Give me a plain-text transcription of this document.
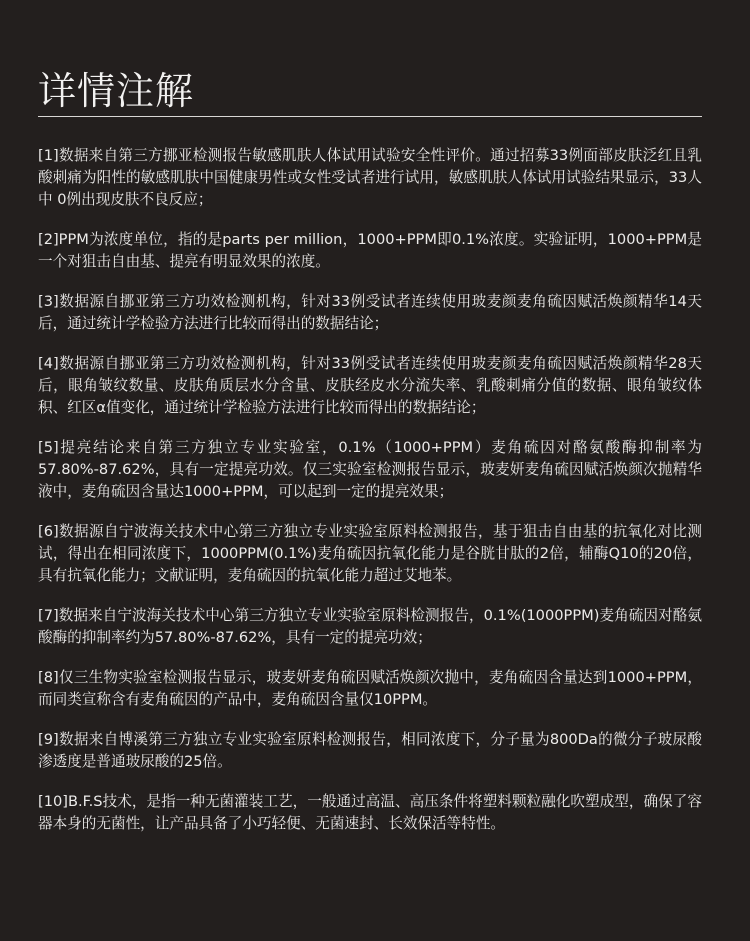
详情注解

[1]数据来自第三方挪亚检测报告敏感肌肤人体试用试验安全性评价。通过招募33例面部皮肤泛红且乳酸刺痛为阳性的敏感肌肤中国健康男性或女性受试者进行试用，敏感肌肤人体试用试验结果显示，33人中 0例出现皮肤不良反应；

[2]PPM为浓度单位，指的是parts per million，1000+PPM即0.1%浓度。实验证明，1000+PPM是一个对狙击自由基、提亮有明显效果的浓度。

[3]数据源自挪亚第三方功效检测机构，针对33例受试者连续使用玻麦颜麦角硫因赋活焕颜精华14天后，通过统计学检验方法进行比较而得出的数据结论；

[4]数据源自挪亚第三方功效检测机构，针对33例受试者连续使用玻麦颜麦角硫因赋活焕颜精华28天后，眼角皱纹数量、皮肤角质层水分含量、皮肤经皮水分流失率、乳酸刺痛分值的数据、眼角皱纹体积、红区α值变化，通过统计学检验方法进行比较而得出的数据结论；

[5]提亮结论来自第三方独立专业实验室，0.1%（1000+PPM）麦角硫因对酪氨酸酶抑制率为57.80%-87.62%，具有一定提亮功效。仅三实验室检测报告显示，玻麦妍麦角硫因赋活焕颜次抛精华液中，麦角硫因含量达1000+PPM，可以起到一定的提亮效果；

[6]数据源自宁波海关技术中心第三方独立专业实验室原料检测报告，基于狙击自由基的抗氧化对比测试，得出在相同浓度下，1000PPM(0.1%)麦角硫因抗氧化能力是谷胱甘肽的2倍，辅酶Q10的20倍，具有抗氧化能力；文献证明，麦角硫因的抗氧化能力超过艾地苯。

[7]数据来自宁波海关技术中心第三方独立专业实验室原料检测报告，0.1%(1000PPM)麦角硫因对酪氨酸酶的抑制率约为57.80%-87.62%，具有一定的提亮功效；

[8]仅三生物实验室检测报告显示，玻麦妍麦角硫因赋活焕颜次抛中，麦角硫因含量达到1000+PPM，而同类宣称含有麦角硫因的产品中，麦角硫因含量仅10PPM。

[9]数据来自博溪第三方独立专业实验室原料检测报告，相同浓度下，分子量为800Da的微分子玻尿酸渗透度是普通玻尿酸的25倍。

[10]B.F.S技术，是指一种无菌灌装工艺，一般通过高温、高压条件将塑料颗粒融化吹塑成型，确保了容器本身的无菌性，让产品具备了小巧轻便、无菌速封、长效保活等特性。
